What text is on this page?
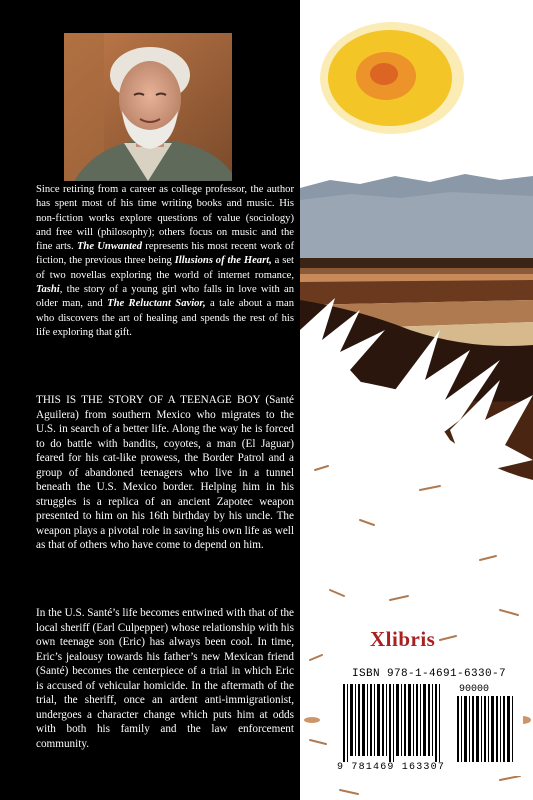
Since retiring from a career as college professor, the author has spent most of his time writing books and music. His non-fiction works explore questions of value (sociology) and free will (philosophy); others focus on music and the fine arts. The Unwanted represents his most recent work of fiction, the previous three being Illusions of the Heart, a set of two novellas exploring the world of internet romance, Tashi, the story of a young girl who falls in love with an older man, and The Reluctant Savior, a tale about a man who discovers the art of healing and spends the rest of his life exploring that gift.
THIS IS THE STORY OF A TEENAGE BOY (Santé Aguilera) from southern Mexico who migrates to the U.S. in search of a better life. Along the way he is forced to do battle with bandits, coyotes, a man (El Jaguar) feared for his cat-like prowess, the Border Patrol and a group of abandoned teenagers who live in a tunnel beneath the U.S. Mexico border. Helping him in his struggles is a replica of an ancient Zapotec weapon presented to him on his 16th birthday by his uncle. The weapon plays a pivotal role in saving his own life as well as that of others who have come to depend on him.
In the U.S. Santé’s life becomes entwined with that of the local sheriff (Earl Culpepper) whose relationship with his own teenage son (Eric) has always been cool. In time, Eric’s jealousy towards his father’s new Mexican friend (Santé) becomes the centerpiece of a trial in which Eric is accused of vehicular homicide. In the aftermath of the trial, the sheriff, once an ardent anti-immigrationist, undergoes a character change which puts him at odds with both his family and the law enforcement community.
Xlibris
ISBN 978-1-4691-6330-7
90000
9 781469 163307
